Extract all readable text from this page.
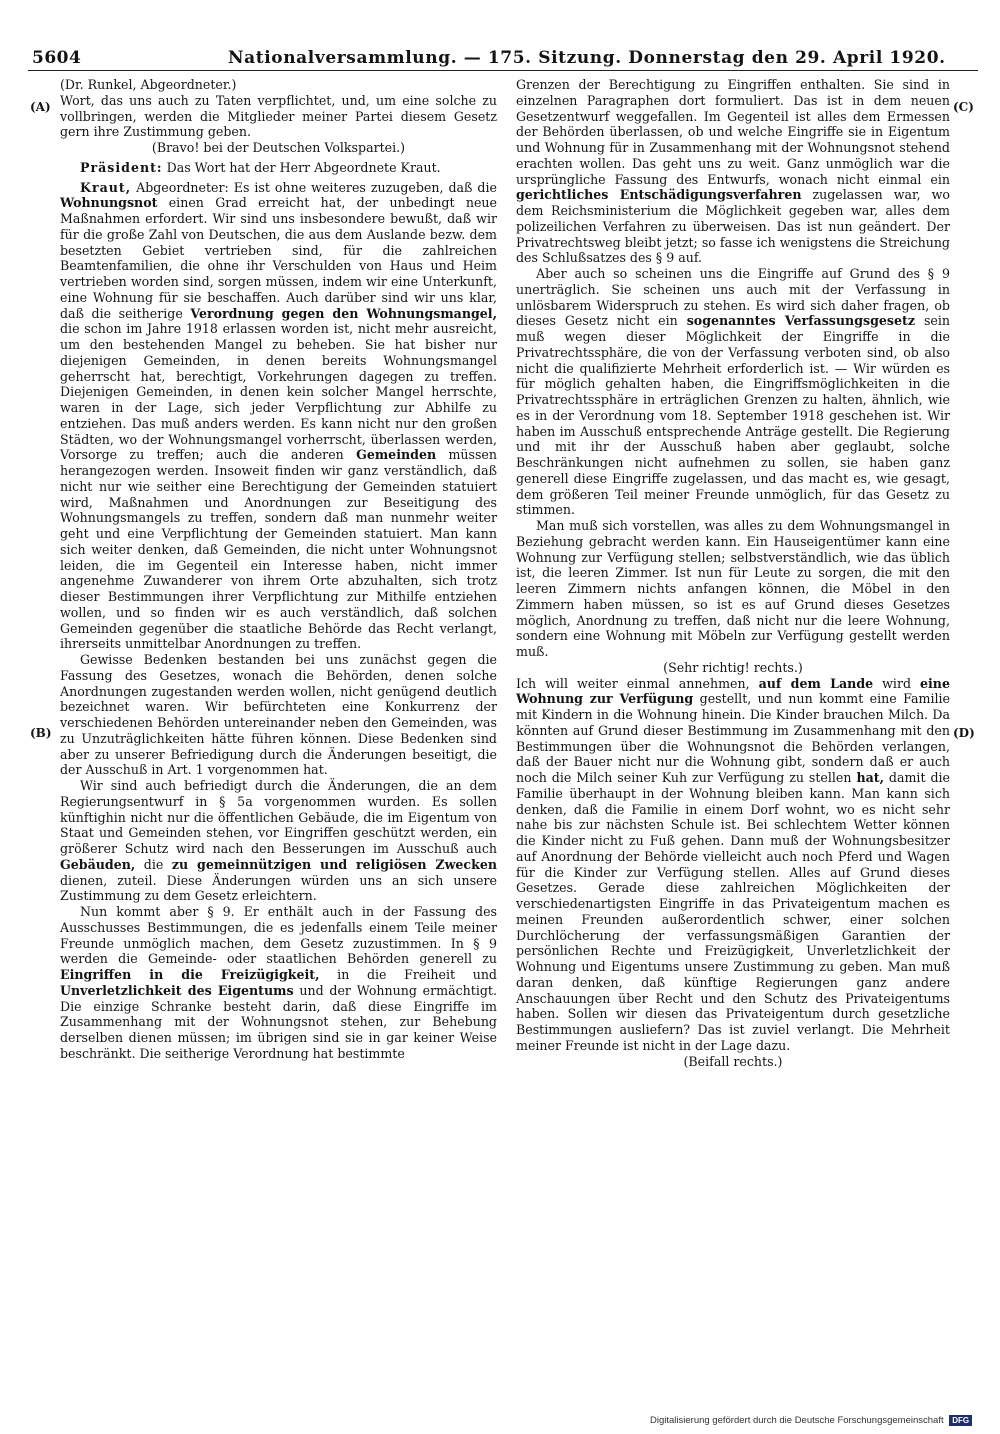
5604	Nationalversammlung. — 175. Sitzung. Donnerstag den 29. April 1920.
(A)
(B)
(C)
(D)

(Dr. Runkel, Abgeordneter.)

Wort, das uns auch zu Taten verpflichtet, und, um eine solche zu vollbringen, werden die Mitglieder meiner Partei diesem Gesetz gern ihre Zustimmung geben.

(Bravo! bei der Deutschen Volkspartei.)

Präsident: Das Wort hat der Herr Abgeordnete Kraut.

Kraut, Abgeordneter: Es ist ohne weiteres zuzugeben, daß die Wohnungsnot einen Grad erreicht hat, der unbedingt neue Maßnahmen erfordert. Wir sind uns insbesondere bewußt, daß wir für die große Zahl von Deutschen, die aus dem Auslande bezw. dem besetzten Gebiet vertrieben sind, für die zahlreichen Beamtenfamilien, die ohne ihr Verschulden von Haus und Heim vertrieben worden sind, sorgen müssen, indem wir eine Unterkunft, eine Wohnung für sie beschaffen. Auch darüber sind wir uns klar, daß die seitherige Verordnung gegen den Wohnungsmangel, die schon im Jahre 1918 erlassen worden ist, nicht mehr ausreicht, um den bestehenden Mangel zu beheben. Sie hat bisher nur diejenigen Gemeinden, in denen bereits Wohnungsmangel geherrscht hat, berechtigt, Vorkehrungen dagegen zu treffen. Diejenigen Gemeinden, in denen kein solcher Mangel herrschte, waren in der Lage, sich jeder Verpflichtung zur Abhilfe zu entziehen. Das muß anders werden. Es kann nicht nur den großen Städten, wo der Wohnungsmangel vorherrscht, überlassen werden, Vorsorge zu treffen; auch die anderen Gemeinden müssen herangezogen werden. Insoweit finden wir ganz verständlich, daß nicht nur wie seither eine Berechtigung der Gemeinden statuiert wird, Maßnahmen und Anordnungen zur Beseitigung des Wohnungsmangels zu treffen, sondern daß man nunmehr weiter geht und eine Verpflichtung der Gemeinden statuiert. Man kann sich weiter denken, daß Gemeinden, die nicht unter Wohnungsnot leiden, die im Gegenteil ein Interesse haben, nicht immer angenehme Zuwanderer von ihrem Orte abzuhalten, sich trotz dieser Bestimmungen ihrer Verpflichtung zur Mithilfe entziehen wollen, und so finden wir es auch verständlich, daß solchen Gemeinden gegenüber die staatliche Behörde das Recht verlangt, ihrerseits unmittelbar Anordnungen zu treffen.

Gewisse Bedenken bestanden bei uns zunächst gegen die Fassung des Gesetzes, wonach die Behörden, denen solche Anordnungen zugestanden werden wollen, nicht genügend deutlich bezeichnet waren. Wir befürchteten eine Konkurrenz der verschiedenen Behörden untereinander neben den Gemeinden, was zu Unzuträglichkeiten hätte führen können. Diese Bedenken sind aber zu unserer Befriedigung durch die Änderungen beseitigt, die der Ausschuß in Art. 1 vorgenommen hat.

Wir sind auch befriedigt durch die Änderungen, die an dem Regierungsentwurf in § 5a vorgenommen wurden. Es sollen künftighin nicht nur die öffentlichen Gebäude, die im Eigentum von Staat und Gemeinden stehen, vor Eingriffen geschützt werden, ein größerer Schutz wird nach den Besserungen im Ausschuß auch Gebäuden, die zu gemeinnützigen und religiösen Zwecken dienen, zuteil. Diese Änderungen würden uns an sich unsere Zustimmung zu dem Gesetz erleichtern.

Nun kommt aber § 9. Er enthält auch in der Fassung des Ausschusses Bestimmungen, die es jedenfalls einem Teile meiner Freunde unmöglich machen, dem Gesetz zuzustimmen. In § 9 werden die Gemeinde- oder staatlichen Behörden generell zu Eingriffen in die Freizügigkeit, in die Freiheit und Unverletzlichkeit des Eigentums und der Wohnung ermächtigt. Die einzige Schranke besteht darin, daß diese Eingriffe im Zusammenhang mit der Wohnungsnot stehen, zur Behebung derselben dienen müssen; im übrigen sind sie in gar keiner Weise beschränkt. Die seitherige Verordnung hat bestimmte

Grenzen der Berechtigung zu Eingriffen enthalten. Sie sind in einzelnen Paragraphen dort formuliert. Das ist in dem neuen Gesetzentwurf weggefallen. Im Gegenteil ist alles dem Ermessen der Behörden überlassen, ob und welche Eingriffe sie in Eigentum und Wohnung für in Zusammenhang mit der Wohnungsnot stehend erachten wollen. Das geht uns zu weit. Ganz unmöglich war die ursprüngliche Fassung des Entwurfs, wonach nicht einmal ein gerichtliches Entschädigungsverfahren zugelassen war, wo dem Reichsministerium die Möglichkeit gegeben war, alles dem polizeilichen Verfahren zu überweisen. Das ist nun geändert. Der Privatrechtsweg bleibt jetzt; so fasse ich wenigstens die Streichung des Schlußsatzes des § 9 auf.

Aber auch so scheinen uns die Eingriffe auf Grund des § 9 unerträglich. Sie scheinen uns auch mit der Verfassung in unlösbarem Widerspruch zu stehen. Es wird sich daher fragen, ob dieses Gesetz nicht ein sogenanntes Verfassungsgesetz sein muß wegen dieser Möglichkeit der Eingriffe in die Privatrechtssphäre, die von der Verfassung verboten sind, ob also nicht die qualifizierte Mehrheit erforderlich ist. — Wir würden es für möglich gehalten haben, die Eingriffsmöglichkeiten in die Privatrechtssphäre in erträglichen Grenzen zu halten, ähnlich, wie es in der Verordnung vom 18. September 1918 geschehen ist. Wir haben im Ausschuß entsprechende Anträge gestellt. Die Regierung und mit ihr der Ausschuß haben aber geglaubt, solche Beschränkungen nicht aufnehmen zu sollen, sie haben ganz generell diese Eingriffe zugelassen, und das macht es, wie gesagt, dem größeren Teil meiner Freunde unmöglich, für das Gesetz zu stimmen.

Man muß sich vorstellen, was alles zu dem Wohnungsmangel in Beziehung gebracht werden kann. Ein Hauseigentümer kann eine Wohnung zur Verfügung stellen; selbstverständlich, wie das üblich ist, die leeren Zimmer. Ist nun für Leute zu sorgen, die mit den leeren Zimmern nichts anfangen können, die Möbel in den Zimmern haben müssen, so ist es auf Grund dieses Gesetzes möglich, Anordnung zu treffen, daß nicht nur die leere Wohnung, sondern eine Wohnung mit Möbeln zur Verfügung gestellt werden muß.

(Sehr richtig! rechts.)

Ich will weiter einmal annehmen, auf dem Lande wird eine Wohnung zur Verfügung gestellt, und nun kommt eine Familie mit Kindern in die Wohnung hinein. Die Kinder brauchen Milch. Da könnten auf Grund dieser Bestimmung im Zusammenhang mit den Bestimmungen über die Wohnungsnot die Behörden verlangen, daß der Bauer nicht nur die Wohnung gibt, sondern daß er auch noch die Milch seiner Kuh zur Verfügung zu stellen hat, damit die Familie überhaupt in der Wohnung bleiben kann. Man kann sich denken, daß die Familie in einem Dorf wohnt, wo es nicht sehr nahe bis zur nächsten Schule ist. Bei schlechtem Wetter können die Kinder nicht zu Fuß gehen. Dann muß der Wohnungsbesitzer auf Anordnung der Behörde vielleicht auch noch Pferd und Wagen für die Kinder zur Verfügung stellen. Alles auf Grund dieses Gesetzes. Gerade diese zahlreichen Möglichkeiten der verschiedenartigsten Eingriffe in das Privateigentum machen es meinen Freunden außerordentlich schwer, einer solchen Durchlöcherung der verfassungsmäßigen Garantien der persönlichen Rechte und Freizügigkeit, Unverletzlichkeit der Wohnung und Eigentums unsere Zustimmung zu geben. Man muß daran denken, daß künftige Regierungen ganz andere Anschauungen über Recht und den Schutz des Privateigentums haben. Sollen wir diesen das Privateigentum durch gesetzliche Bestimmungen ausliefern? Das ist zuviel verlangt. Die Mehrheit meiner Freunde ist nicht in der Lage dazu.

(Beifall rechts.)

Digitalisierung gefördert durch die Deutsche Forschungsgemeinschaft DFG
